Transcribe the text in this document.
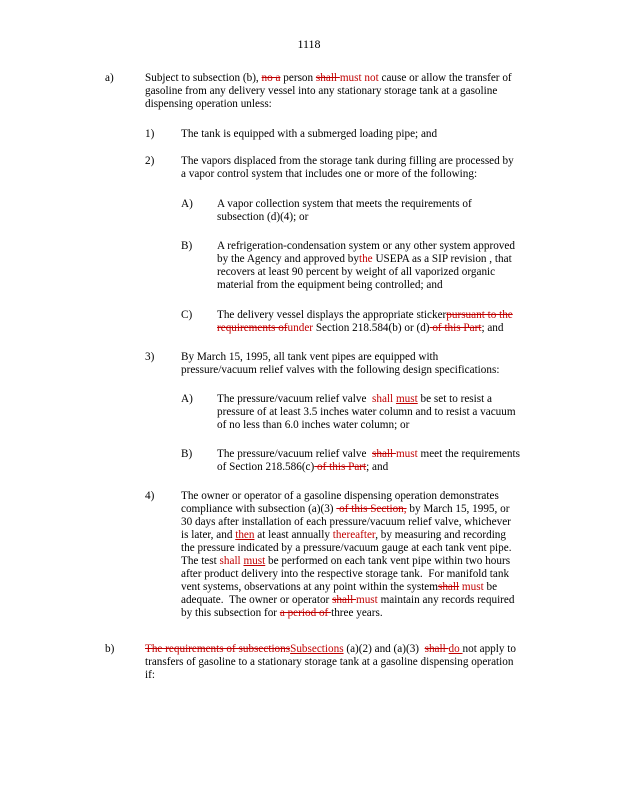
1118
a)	Subject to subsection (b), no a person shall must not cause or allow the transfer of
gasoline from any delivery vessel into any stationary storage tank at a gasoline
dispensing operation unless:
1) The tank is equipped with a submerged loading pipe; and
2) The vapors displaced from the storage tank during filling are processed by
a vapor control system that includes one or more of the following:
A) A vapor collection system that meets the requirements of
subsection (d)(4); or
B) A refrigeration-condensation system or any other system approved
by the Agency and approved bythe USEPA as a SIP revision , that
recovers at least 90 percent by weight of all vaporized organic
material from the equipment being controlled; and
C) The delivery vessel displays the appropriate stickerpursuant to the
requirements ofunder Section 218.584(b) or (d) of this Part; and
3) By March 15, 1995, all tank vent pipes are equipped with
pressure/vacuum relief valves with the following design specifications:
A) The pressure/vacuum relief valve  shall must be set to resist a
pressure of at least 3.5 inches water column and to resist a vacuum
of no less than 6.0 inches water column; or
B) The pressure/vacuum relief valve  shall must meet the requirements
of Section 218.586(c) of this Part; and
4) The owner or operator of a gasoline dispensing operation demonstrates
compliance with subsection (a)(3)  of this Section, by March 15, 1995, or
30 days after installation of each pressure/vacuum relief valve, whichever
is later, and then at least annually thereafter, by measuring and recording
the pressure indicated by a pressure/vacuum gauge at each tank vent pipe.
The test shall must be performed on each tank vent pipe within two hours
after product delivery into the respective storage tank.  For manifold tank
vent systems, observations at any point within the systemshall must be
adequate.  The owner or operator shall must maintain any records required
by this subsection for a period of three years.
b)	The requirements of subsectionsSubsections (a)(2) and (a)(3)  shall do not apply to
transfers of gasoline to a stationary storage tank at a gasoline dispensing operation
if:
